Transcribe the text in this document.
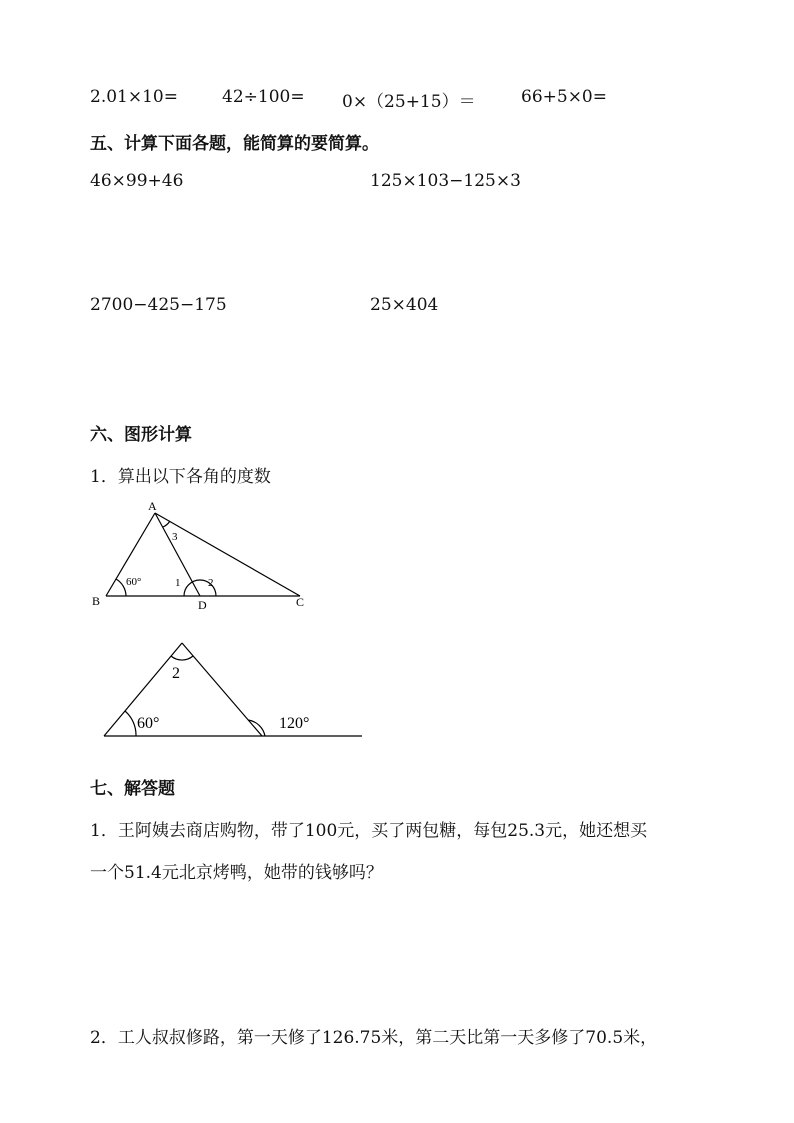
2.01×10=	42÷100= 0×（25+15）＝	66+5×0=
五、计算下面各题，能简算的要简算。
46×99+46	125×103−125×3
2700−425−175	25×404
六、图形计算
1．算出以下各角的度数
A
B	C
D
60°	1	2
3
2
60°	120°
七、解答题
1．王阿姨去商店购物，带了100元，买了两包糖，每包25.3元，她还想买
一个51.4元北京烤鸭，她带的钱够吗？
2．工人叔叔修路，第一天修了126.75米，第二天比第一天多修了70.5米，
